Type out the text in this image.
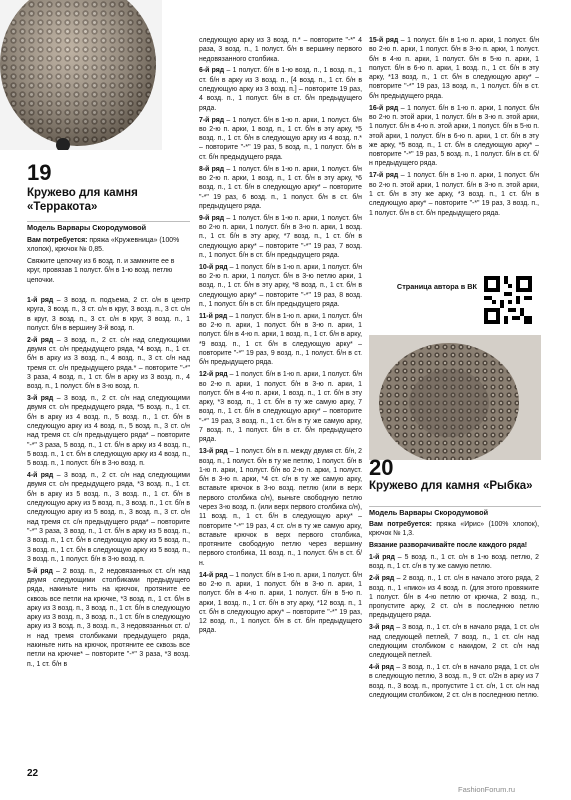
19
Кружево для камня «Терракота»
Модель Варвары Скородумовой
Вам потребуется: пряжа «Кружевница» (100% хлопок), крючок № 0,85.
Свяжите цепочку из 6 возд. п. и замкните ее в круг, провязав 1 полуст. б/н в 1-ю возд. петлю цепочки.

1-й ряд – 3 возд. п. подъема, 2 ст. с/н в центр круга, 3 возд. п., 3 ст. с/н в круг, 3 возд. п., 3 ст. с/н в круг, 3 возд. п., 3 ст. с/н в круг, 3 возд. п., 1 полуст. б/н в вершину 3-й возд. п.

2-й ряд – 3 возд. п., 2 ст. с/н над следующими двумя ст. с/н предыдущего ряда, *4 возд. п., 1 ст. б/н в арку из 3 возд. п., 4 возд. п., 3 ст. с/н над тремя ст. с/н предыдущего ряда.* – повторите "-*" 3 раза, 4 возд. п., 1 ст. б/н в арку из 3 возд. п., 4 возд. п., 1 полуст. б/н в 3-ю возд. п.

3-й ряд – 3 возд. п., 2 ст. с/н над следующими двумя ст. с/н предыдущего ряда, *5 возд. п., 1 ст. б/н в арку из 4 возд. п., 5 возд. п., 1 ст. б/н в следующую арку из 4 возд. п., 5 возд. п., 3 ст. с/н над тремя ст. с/н предыдущего ряда* – повторите "-*" 3 раза, 5 возд. п., 1 ст. б/н в арку из 4 возд. п., 5 возд. п., 1 ст. б/н в следующую арку из 4 возд. п., 5 возд. п., 1 полуст. б/н в 3-ю возд. п.

4-й ряд – 3 возд. п., 2 ст. с/н над следующими двумя ст. с/н предыдущего ряда, *3 возд. п., 1 ст. б/н в арку из 5 возд. п., 3 возд. п., 1 ст. б/н в следующую арку из 5 возд. п., 3 возд. п., 1 ст. б/н в следующую арку из 5 возд. п., 3 возд. п., 3 ст. с/н над тремя ст. с/н предыдущего ряда* – повторите "-*" 3 раза, 3 возд. п., 1 ст. б/н в арку из 5 возд. п., 3 возд. п., 1 ст. б/н в следующую арку из 5 возд. п., 3 возд. п., 1 ст. б/н в следующую арку из 5 возд. п., 3 возд. п., 1 полуст. б/н в 3-ю возд. п.

5-й ряд – 2 возд. п., 2 недовязанных ст. с/н над двумя следующими столбиками предыдущего ряда, накиньте нить на крючок, протяните ее сквозь все петли на крючке, *3 возд. п., 1 ст. б/н в арку из 3 возд. п., 3 возд. п., 1 ст. б/н в следующую арку из 3 возд. п., 3 возд. п., 1 ст. б/н в следующую арку из 3 возд. п., 3 возд. п., 3 недовязанных ст. с/н над тремя столбиками предыдущего ряда, накиньте нить на крючок, протяните ее сквозь все петли на крючке* – повторите "-*" 3 раза, *3 возд. п., 1 ст. б/н в

следующую арку из 3 возд. п.* – повторите "-*" 4 раза, 3 возд. п., 1 полуст. б/н в вершину первого недовязанного столбика.

6-й ряд – 1 полуст. б/н в 1-ю возд. п., 1 возд. п., 1 ст. б/н в арку из 3 возд. п., [4 возд. п., 1 ст. б/н в следующую арку из 3 возд. п.] – повторите 19 раз, 4 возд. п., 1 полуст. б/н в ст. б/н предыдущего ряда.

7-й ряд – 1 полуст. б/н в 1-ю п. арки, 1 полуст. б/н во 2-ю п. арки, 1 возд. п., 1 ст. б/н в эту арку, *5 возд. п., 1 ст. б/н в следующую арку из 4 возд. п.* – повторите "-*" 19 раз, 5 возд. п., 1 полуст. б/н в ст. б/н предыдущего ряда.

8-й ряд – 1 полуст. б/н в 1-ю п. арки, 1 полуст. б/н во 2-ю п. арки, 1 возд. п., 1 ст. б/н в эту арку, *6 возд. п., 1 ст. б/н в следующую арку* – повторите "-*" 19 раз, 6 возд. п., 1 полуст. б/н в ст. б/н предыдущего ряда.

9-й ряд – 1 полуст. б/н в 1-ю п. арки, 1 полуст. б/н во 2-ю п. арки, 1 полуст. б/н в 3-ю п. арки, 1 возд. п., 1 ст. б/н в эту арку, *7 возд. п., 1 ст. б/н в следующую арку* – повторите "-*" 19 раз, 7 возд. п., 1 полуст. б/н в ст. б/н предыдущего ряда.

10-й ряд – 1 полуст. б/н в 1-ю п. арки, 1 полуст. б/н во 2-ю п. арки, 1 полуст. б/н в 3-ю петлю арки, 1 возд. п., 1 ст. б/н в эту арку, *8 возд. п., 1 ст. б/н в следующую арку* – повторите "-*" 19 раз, 8 возд. п., 1 полуст. б/н в ст. б/н предыдущего ряда.

11-й ряд – 1 полуст. б/н в 1-ю п. арки, 1 полуст. б/н во 2-ю п. арки, 1 полуст. б/н в 3-ю п. арки, 1 полуст. б/н в 4-ю п. арки, 1 возд. п., 1 ст. б/н в арку, *9 возд. п., 1 ст. б/н в следующую арку* – повторите "-*" 19 раз, 9 возд. п., 1 полуст. б/н в ст. б/н предыдущего ряда.

12-й ряд – 1 полуст. б/н в 1-ю п. арки, 1 полуст. б/н во 2-ю п. арки, 1 полуст. б/н в 3-ю п. арки, 1 полуст. б/н в 4-ю п. арки, 1 возд. п., 1 ст. б/н в эту арку, *3 возд. п., 1 ст. б/н в ту же самую арку, 7 возд. п., 1 ст. б/н в следующую арку* – повторите "-*" 19 раз, 3 возд. п., 1 ст. б/н в ту же самую арку, 7 возд. п., 1 полуст. б/н в ст. б/н предыдущего ряда.

13-й ряд – 1 полуст. б/н в п. между двумя ст. б/н, 2 возд. п., 1 полуст. б/н в ту же петлю, 1 полуст. б/н в 1-ю п. арки, 1 полуст. б/н во 2-ю п. арки, 1 полуст. б/н в 3-ю п. арки, *4 ст. с/н в ту же самую арку, вставьте крючок в 3-ю возд. петлю (или в верх первого столбика с/н), выньте свободную петлю через 3-ю возд. п. (или верх первого столбика с/н), 11 возд. п., 1 ст. б/н в следующую арку* – повторите "-*" 19 раз, 4 ст. с/н в ту же самую арку, вставьте крючок в верх первого столбика, протяните свободную петлю через вершину первого столбика, 11 возд. п., 1 полуст. б/н в ст. б/н.

14-й ряд – 1 полуст. б/н в 1-ю п. арки, 1 полуст. б/н во 2-ю п. арки, 1 полуст. б/н в 3-ю п. арки, 1 полуст. б/н в 4-ю п. арки, 1 полуст. б/н в 5-ю п. арки, 1 возд. п., 1 ст. б/н в эту арку, *12 возд. п., 1 ст. б/н в следующую арку* – повторите "-*" 19 раз, 12 возд. п., 1 полуст. б/н в ст. б/н предыдущего ряда.

15-й ряд – 1 полуст. б/н в 1-ю п. арки, 1 полуст. б/н во 2-ю п. арки, 1 полуст. б/н в 3-ю п. арки, 1 полуст. б/н в 4-ю п. арки, 1 полуст. б/н в 5-ю п. арки, 1 полуст. б/н в 6-ю п. арки, 1 возд. п., 1 ст. б/н в эту арку, *13 возд. п., 1 ст. б/н в следующую арку* – повторите "-*" 19 раз, 13 возд. п., 1 полуст. б/н в ст. б/н предыдущего ряда.

16-й ряд – 1 полуст. б/н в 1-ю п. арки, 1 полуст. б/н во 2-ю п. этой арки, 1 полуст. б/н в 3-ю п. этой арки, 1 полуст. б/н в 4-ю п. этой арки, 1 полуст. б/н в 5-ю п. этой арки, 1 полуст. б/н в 6-ю п. арки, 1 ст. б/н в эту же арку, *5 возд. п., 1 ст. б/н в следующую арку* – повторите "-*" 19 раз, 5 возд. п., 1 полуст. б/н в ст. б/н предыдущего ряда.

17-й ряд – 1 полуст. б/н в 1-ю п. арки, 1 полуст. б/н во 2-ю п. этой арки, 1 полуст. б/н в 3-ю п. этой арки, 1 ст. б/н в эту же арку, *3 возд. п., 1 ст. б/н в следующую арку* – повторите "-*" 19 раз, 3 возд. п., 1 полуст. б/н в ст. б/н предыдущего ряда.

Страница автора в ВК
20
Кружево для камня «Рыбка»
Модель Варвары Скородумовой

Вам потребуется: пряжа «Ирис» (100% хлопок), крючок № 1,3.

Вязание разворачивайте после каждого ряда!

1-й ряд – 5 возд. п., 1 ст. с/н в 1-ю возд. петлю, 2 возд. п., 1 ст. с/н в ту же самую петлю.

2-й ряд – 2 возд. п., 1 ст. с/н в начало этого ряда, 2 возд. п., 1 «пико» из 4 возд. п. (для этого провяжите 1 полуст. б/н в 4-ю петлю от крючка, 2 возд. п., пропустите арку, 2 ст. с/н в последнюю петлю предыдущего ряда.

3-й ряд – 3 возд. п., 1 ст. с/н в начало ряда, 1 ст. с/н над следующей петлей, 7 возд. п., 1 ст. с/н над следующим столбиком с накидом, 2 ст. с/н над следующей петлей.

4-й ряд – 3 возд. п., 1 ст. с/н в начало ряда, 1 ст. с/н в следующую петлю, 3 возд. п., 9 ст. с/2н в арку из 7 возд. п., 3 возд. п., пропустите 1 ст. с/н, 1 ст. с/н над следующим столбиком, 2 ст. с/н в последнюю петлю.

22
FashionForum.ru
